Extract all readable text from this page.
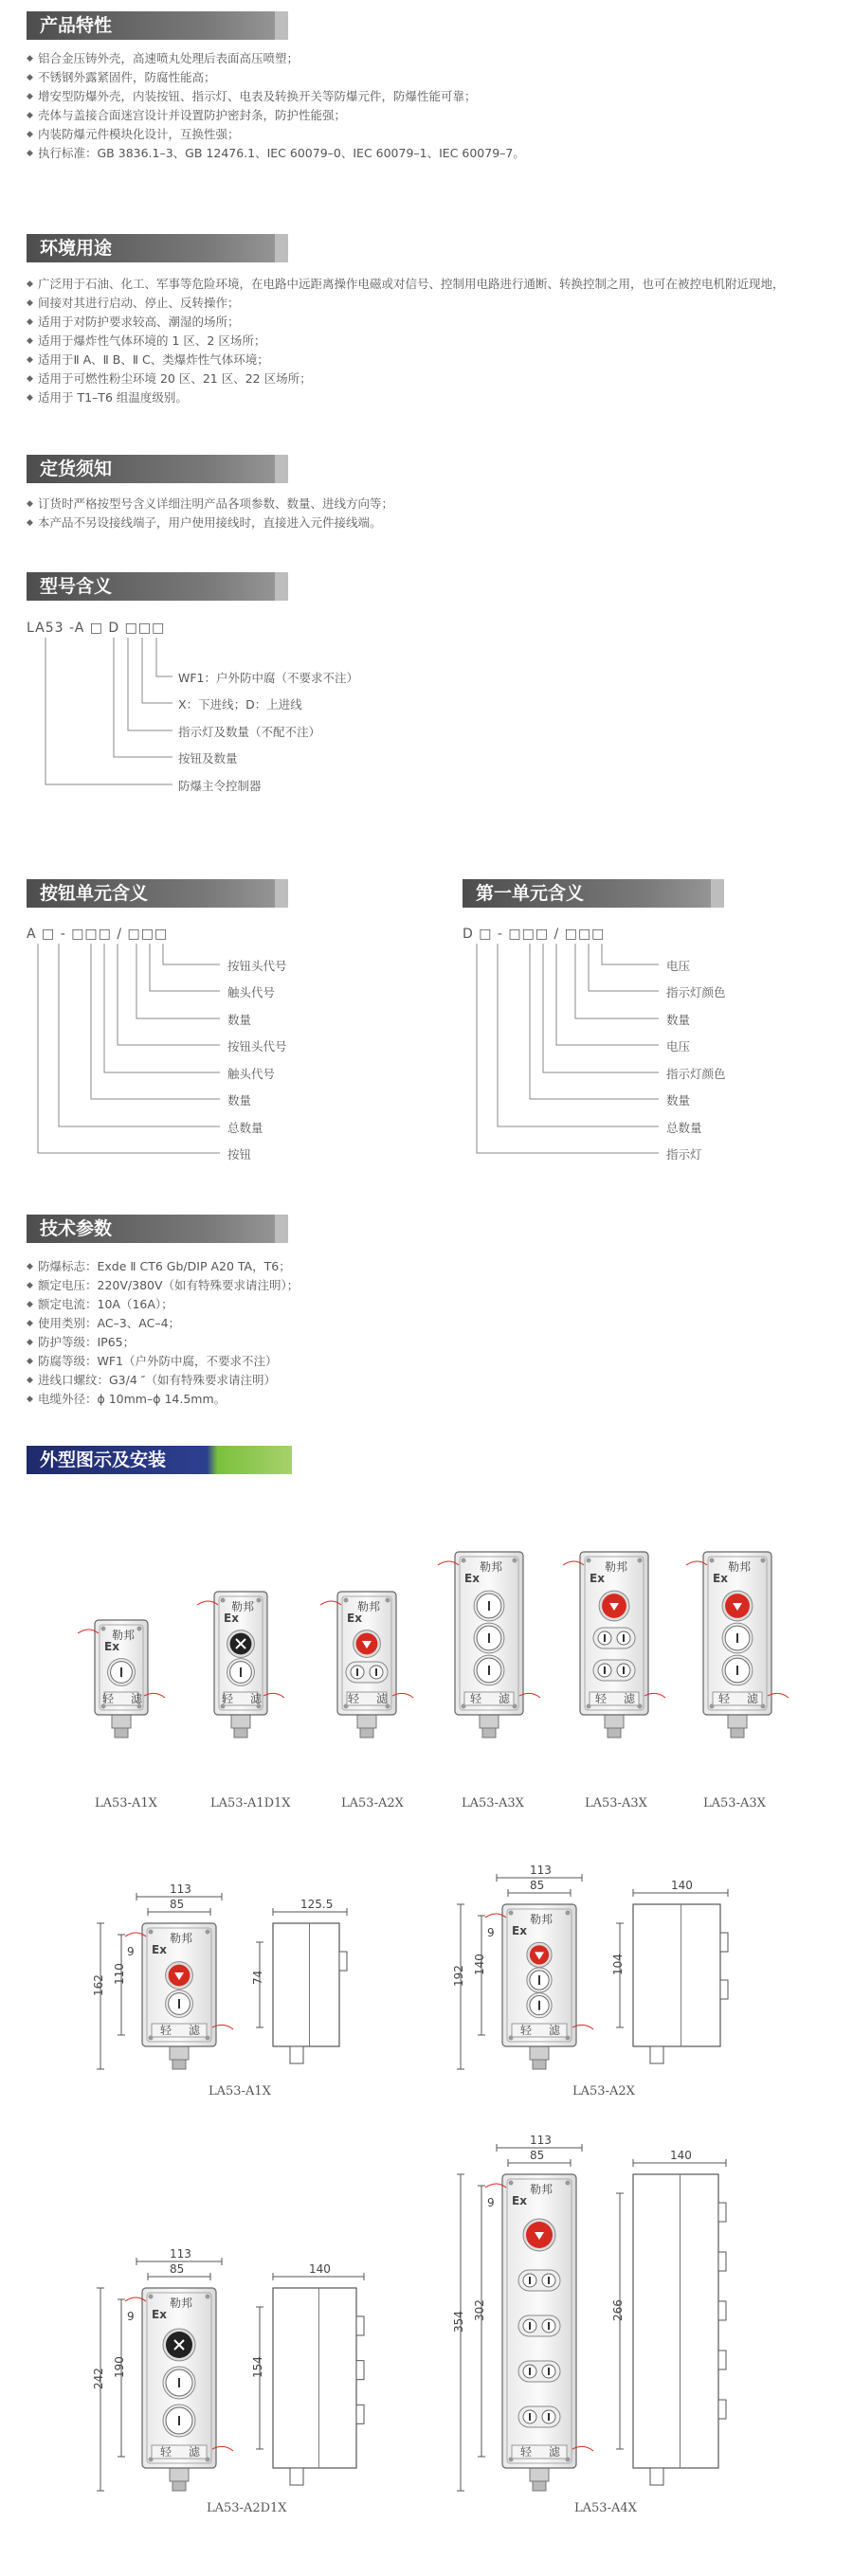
产品特性
◆ 铝合金压铸外壳，高速喷丸处理后表面高压喷塑；
◆ 不锈钢外露紧固件，防腐性能高；
◆ 增安型防爆外壳，内装按钮、指示灯、电表及转换开关等防爆元件，防爆性能可靠；
◆ 壳体与盖接合面迷宫设计并设置防护密封条，防护性能强；
◆ 内装防爆元件模块化设计，互换性强；
◆ 执行标准：GB 3836.1–3、GB 12476.1、IEC 60079–0、IEC 60079–1、IEC 60079–7。
环境用途
◆ 广泛用于石油、化工、军事等危险环境，在电路中远距离操作电磁或对信号、控制用电路进行通断、转换控制之用，也可在被控电机附近现地，
◆ 间接对其进行启动、停止、反转操作；
◆ 适用于对防护要求较高、潮湿的场所；
◆ 适用于爆炸性气体环境的 1 区、2 区场所；
◆ 适用于Ⅱ A、Ⅱ B、Ⅱ C、类爆炸性气体环境；
◆ 适用于可燃性粉尘环境 20 区、21 区、22 区场所；
◆ 适用于 T1–T6 组温度级别。
定货须知
◆ 订货时严格按型号含义详细注明产品各项参数、数量、进线方向等；
◆ 本产品不另设接线端子，用户使用接线时，直接进入元件接线端。
型号含义
LA53 -A □ D □□□
WF1：户外防中腐（不要求不注）
X：下进线；D：上进线
指示灯及数量（不配不注）
按钮及数量
防爆主令控制器
按钮单元含义	第一单元含义
A □ - □□□ / □□□	D □ - □□□ / □□□
按钮头代号
触头代号
数量
按钮头代号
触头代号
数量
总数量
按钮
电压
指示灯颜色
数量
电压
指示灯颜色
数量
总数量
指示灯
技术参数
◆ 防爆标志：Exde Ⅱ CT6 Gb/DIP A20 TA，T6；
◆ 额定电压：220V/380V（如有特殊要求请注明）；
◆ 额定电流：10A（16A）；
◆ 使用类别：AC–3、AC–4；
◆ 防护等级：IP65；
◆ 防腐等级：WF1（户外防中腐，不要求不注）
◆ 进线口螺纹：G3/4 ″（如有特殊要求请注明）
◆ 电缆外径：ϕ 10mm–ϕ 14.5mm。
外型图示及安装
勒邦
Ex
轻 滤
勒邦
Ex
轻 滤
勒邦
Ex
轻 滤
勒邦
Ex
轻 滤
勒邦
Ex
轻 滤
勒邦
Ex
轻 滤
LA53-A1X	LA53-A1D1X	LA53-A2X	LA53-A3X	LA53-A3X	LA53-A3X
勒邦
Ex
轻 滤
113
85
110
162
9
125.5
74
勒邦
Ex
轻 滤
113
85
140
192
9
140
104
勒邦
Ex
轻 滤
113
85
190
242
9
140
154
勒邦
Ex
轻 滤
113
85
302
354
9
140
266
LA53-A1X	LA53-A2X
LA53-A2D1X	LA53-A4X
